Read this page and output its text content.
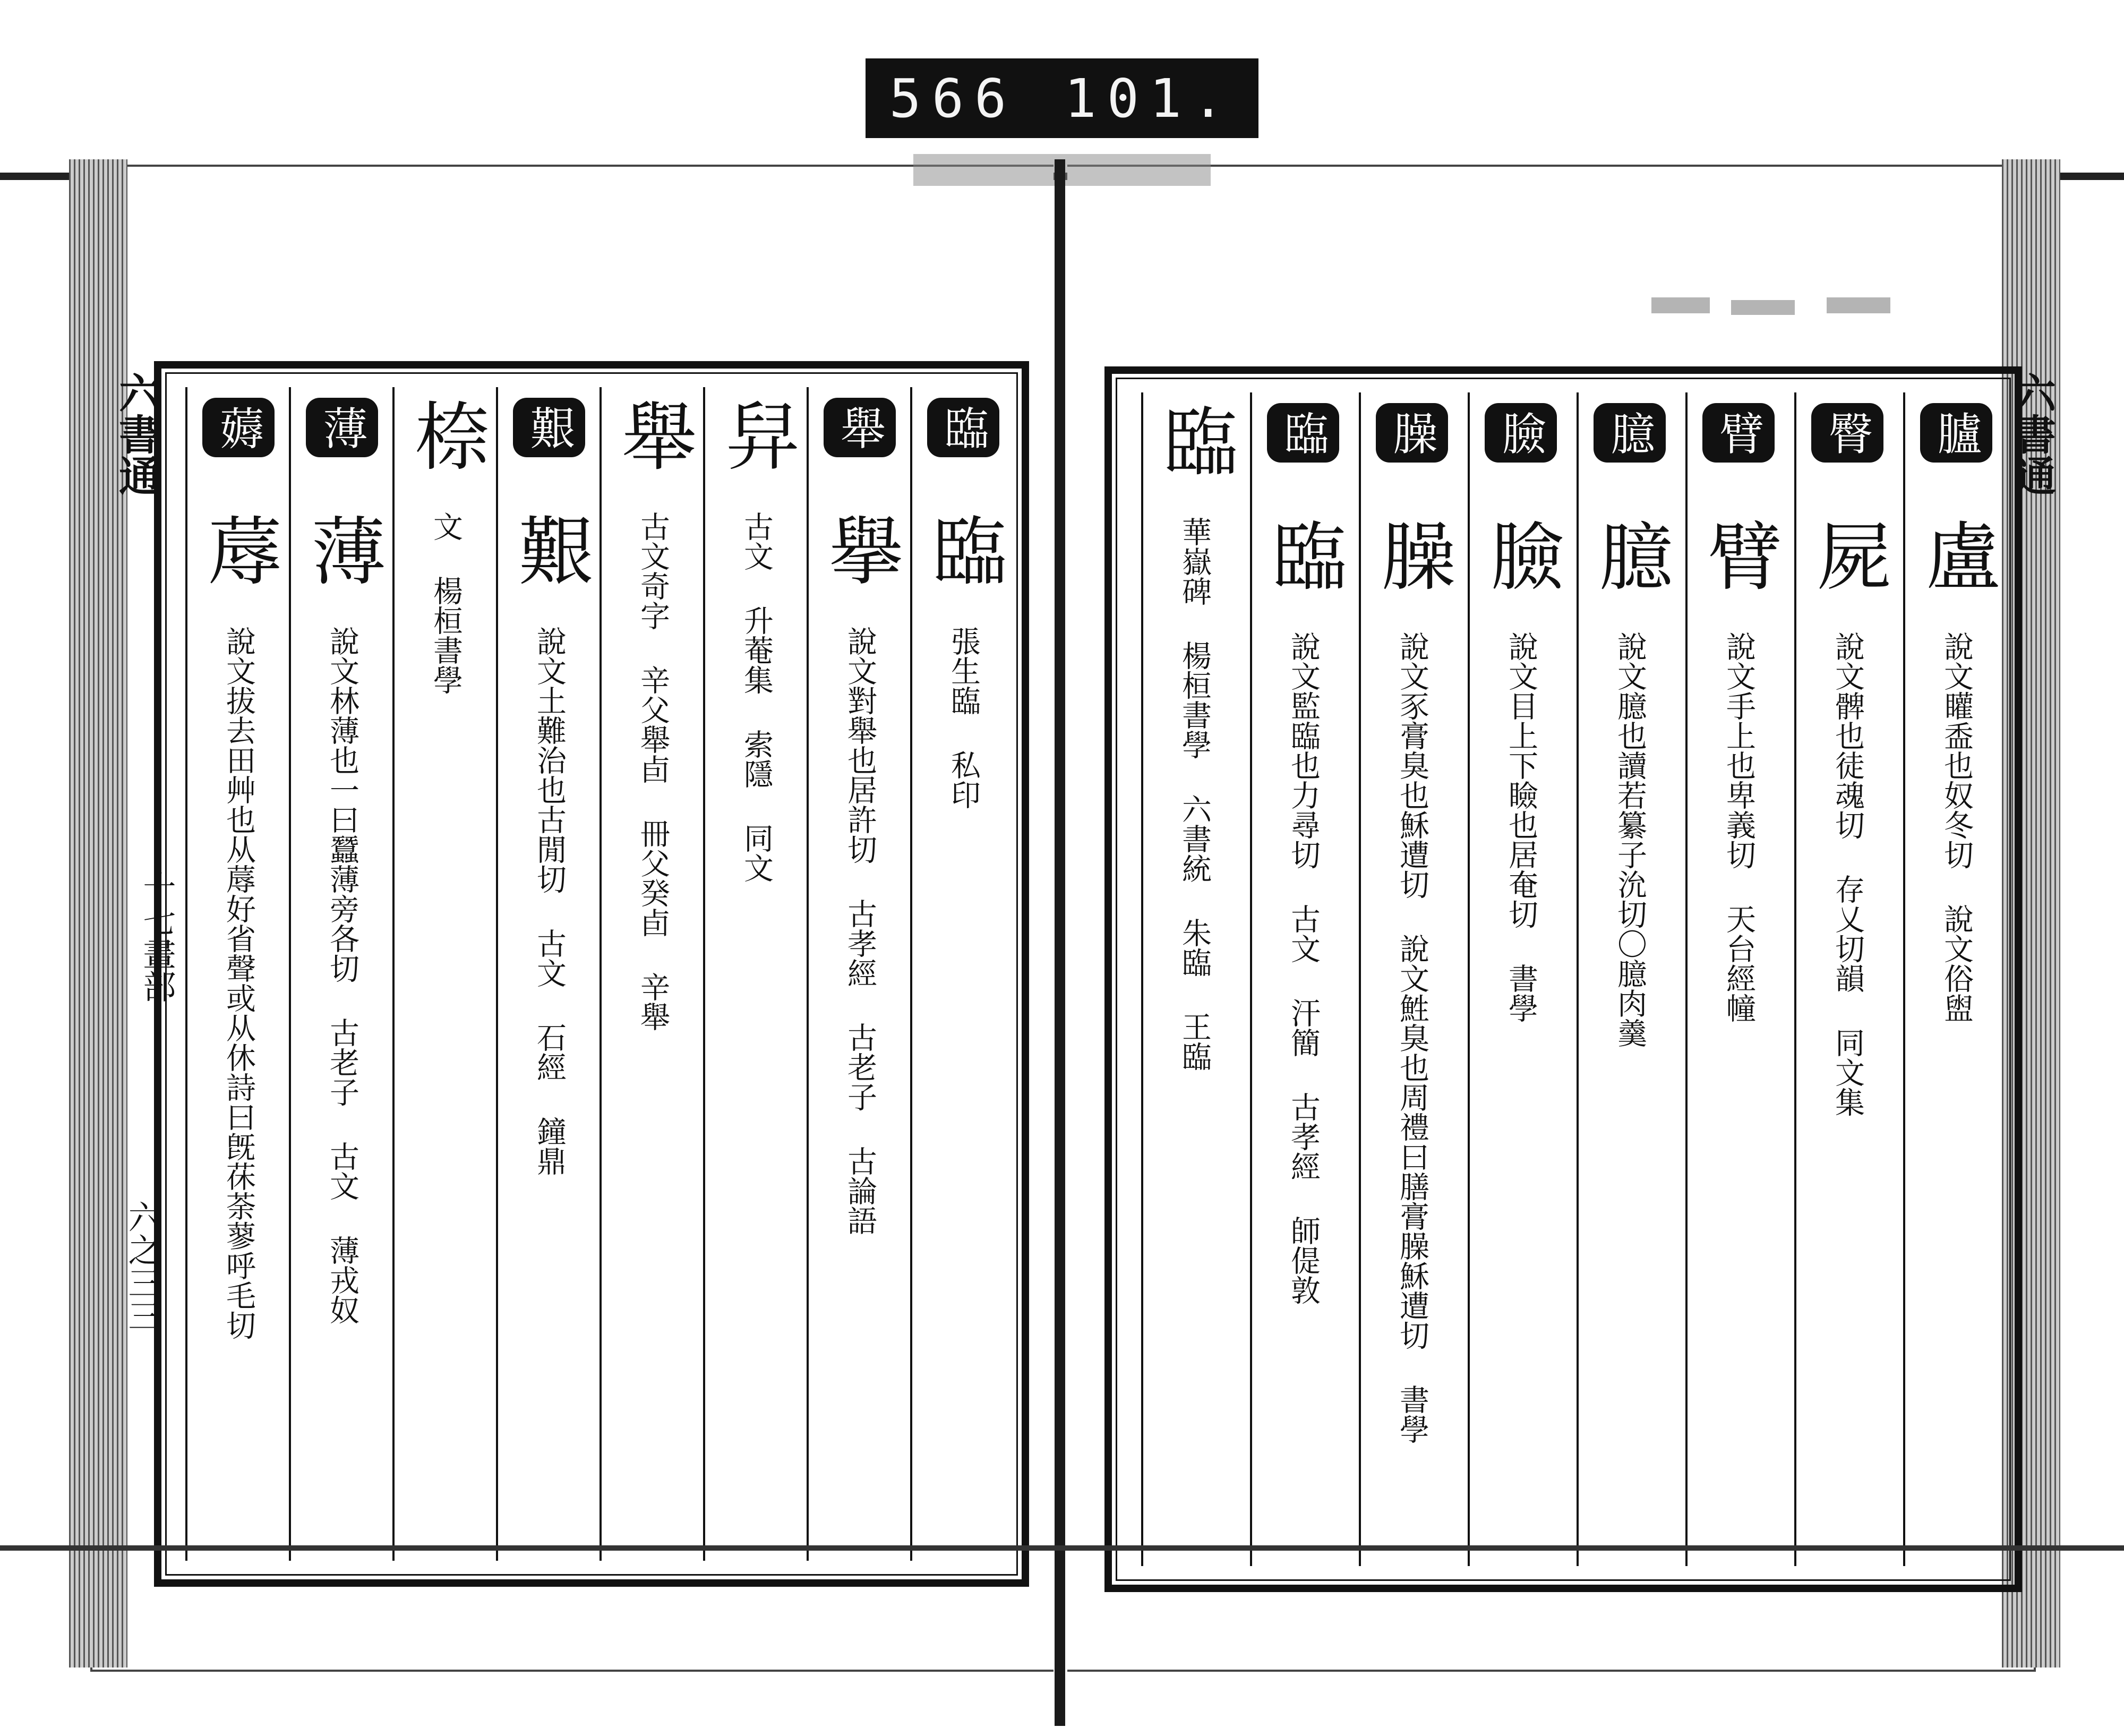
566 101.
六書通
十七畫部
六之三三
臨 臨 張生臨 私印
舉 擧 說文對舉也居許切 古孝經 古老子 古論語
舁 古文 升菴集 索隱 同文
舉 古文奇字 辛父舉卣 冊父癸卣 辛舉
艱 艱 說文土難治也古閒切 古文 石經 鐘鼎
㮈 文 楊桓書學
薄 薄 說文林薄也一曰蠶薄旁各切 古老子 古文 薄戎奴
薅 蓐 說文拔去田艸也从蓐好省聲或从休詩曰旣茠荼蓼呼毛切
六書通
臚 盧 說文矔盉也奴冬切 說文俗盥
臀 屍 說文髀也徒魂切 存乂切韻 同文集
臂 臂 說文手上也卑義切 天台經幢
臆 臆 說文臆也讀若纂子沇切〇臆肉羹
臉 臉 說文目上下瞼也居奄切 書學
臊 臊 說文豕膏臭也穌遭切 說文鮏臭也周禮曰膳膏臊穌遭切 書學
臨 臨 說文監臨也力尋切 古文 汗簡 古孝經 師偍敦
臨 華嶽碑 楊桓書學 六書統 朱臨 王臨
